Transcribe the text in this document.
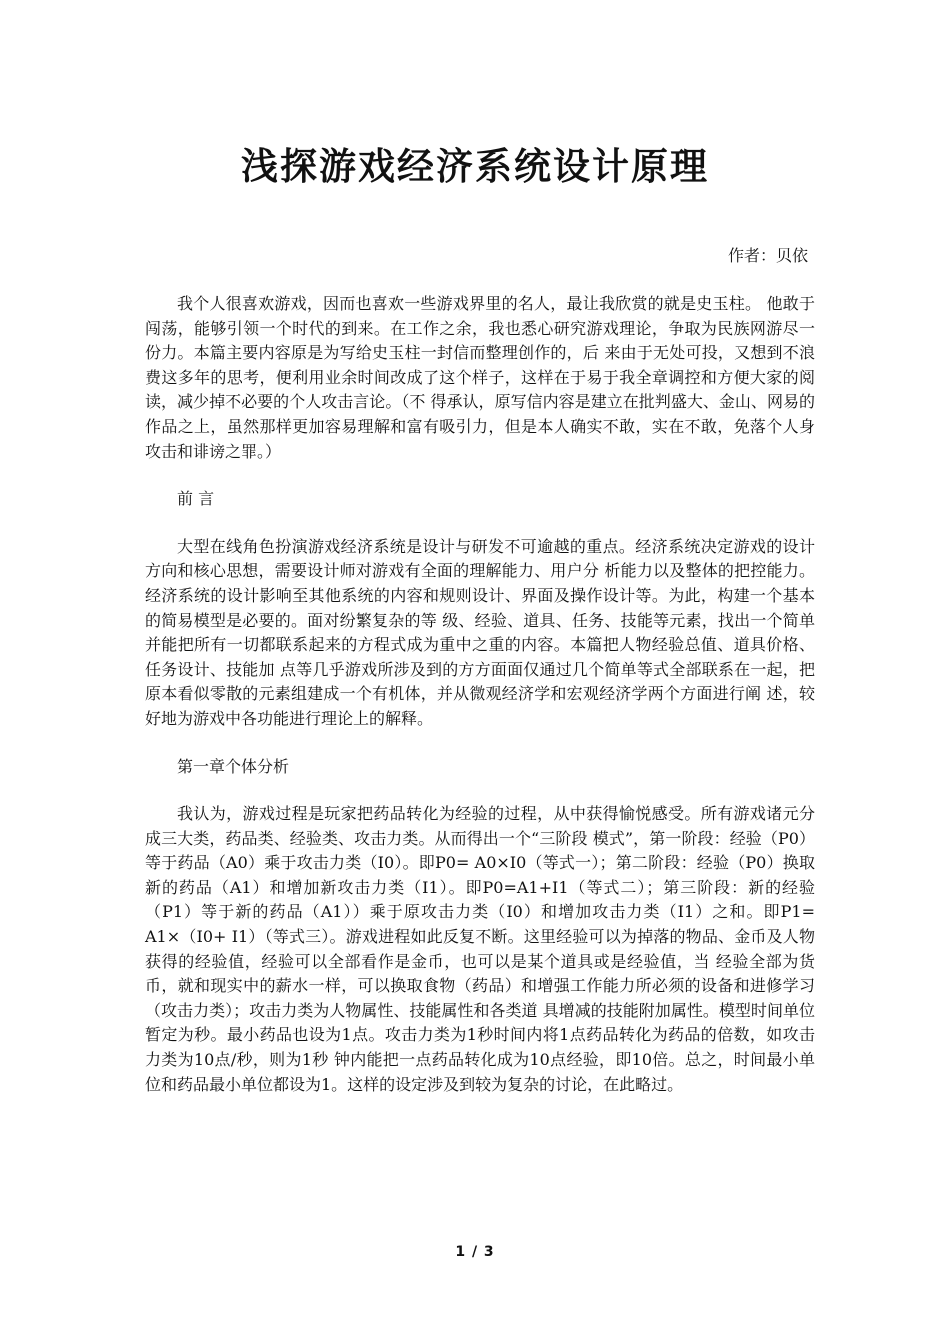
浅探游戏经济系统设计原理
作者：贝依

我个人很喜欢游戏，因而也喜欢一些游戏界里的名人，最让我欣赏的就是史玉柱。 他敢于闯荡，能够引领一个时代的到来。在工作之余，我也悉心研究游戏理论，争取为民族网游尽一份力。本篇主要内容原是为写给史玉柱一封信而整理创作的，后 来由于无处可投，又想到不浪费这多年的思考，便利用业余时间改成了这个样子，这样在于易于我全章调控和方便大家的阅读，减少掉不必要的个人攻击言论。（不 得承认，原写信内容是建立在批判盛大、金山、网易的作品之上，虽然那样更加容易理解和富有吸引力，但是本人确实不敢，实在不敢，免落个人身攻击和诽谤之罪。）

前 言

大型在线角色扮演游戏经济系统是设计与研发不可逾越的重点。经济系统决定游戏的设计方向和核心思想，需要设计师对游戏有全面的理解能力、用户分 析能力以及整体的把控能力。经济系统的设计影响至其他系统的内容和规则设计、界面及操作设计等。为此，构建一个基本的简易模型是必要的。面对纷繁复杂的等 级、经验、道具、任务、技能等元素，找出一个简单并能把所有一切都联系起来的方程式成为重中之重的内容。本篇把人物经验总值、道具价格、任务设计、技能加 点等几乎游戏所涉及到的方方面面仅通过几个简单等式全部联系在一起，把原本看似零散的元素组建成一个有机体，并从微观经济学和宏观经济学两个方面进行阐 述，较好地为游戏中各功能进行理论上的解释。

第一章个体分析

我认为，游戏过程是玩家把药品转化为经验的过程，从中获得愉悦感受。所有游戏诸元分成三大类，药品类、经验类、攻击力类。从而得出一个“三阶段 模式”，第一阶段：经验（P0）等于药品（A0）乘于攻击力类（I0）。即P0= A0×I0（等式一）；第二阶段：经验（P0）换取新的药品（A1）和增加新攻击力类（I1）。即P0=A1+I1（等式二）；第三阶段：新的经验 （P1）等于新的药品（A1））乘于原攻击力类（I0）和增加攻击力类（I1）之和。即P1= A1×（I0+ I1）（等式三）。游戏进程如此反复不断。这里经验可以为掉落的物品、金币及人物获得的经验值，经验可以全部看作是金币，也可以是某个道具或是经验值，当 经验全部为货币，就和现实中的薪水一样，可以换取食物（药品）和增强工作能力所必须的设备和进修学习（攻击力类）；攻击力类为人物属性、技能属性和各类道 具增减的技能附加属性。模型时间单位暂定为秒。最小药品也设为1点。攻击力类为1秒时间内将1点药品转化为药品的倍数，如攻击力类为10点/秒，则为1秒 钟内能把一点药品转化成为10点经验，即10倍。总之，时间最小单位和药品最小单位都设为1。这样的设定涉及到较为复杂的讨论，在此略过。

1 / 3
